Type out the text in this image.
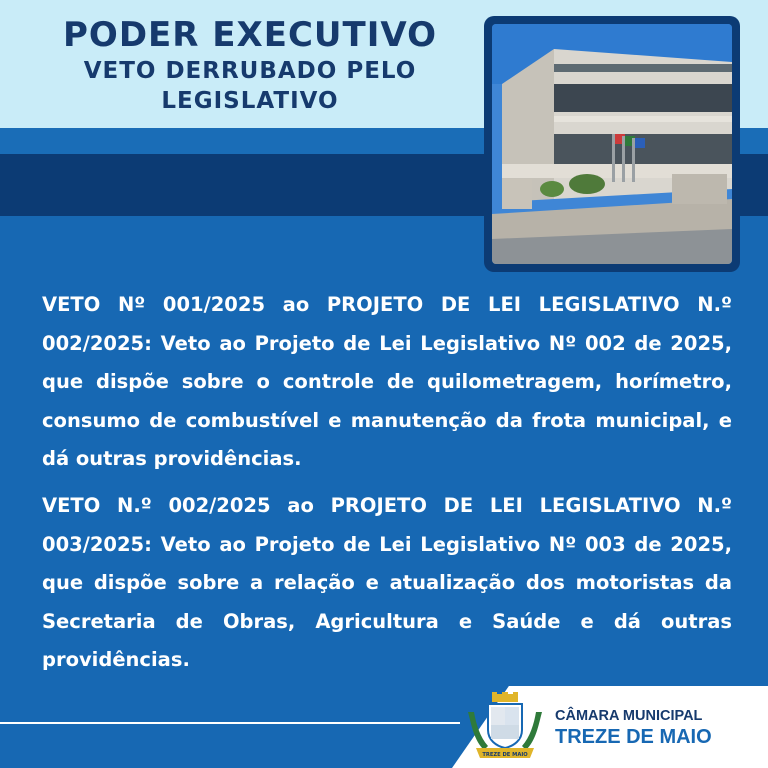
PODER EXECUTIVO
VETO DERRUBADO PELO LEGISLATIVO

VETO Nº 001/2025 ao PROJETO DE LEI LEGISLATIVO N.º 002/2025: Veto ao Projeto de Lei Legislativo Nº 002 de 2025, que dispõe sobre o controle de quilometragem, horímetro, consumo de combustível e manutenção da frota municipal, e dá outras providências.

VETO N.º 002/2025 ao PROJETO DE LEI LEGISLATIVO N.º 003/2025: Veto ao Projeto de Lei Legislativo Nº 003 de 2025, que dispõe sobre a relação e atualização dos motoristas da Secretaria de Obras, Agricultura e Saúde e dá outras providências.

TREZE DE MAIO
CÂMARA MUNICIPAL
TREZE DE MAIO
